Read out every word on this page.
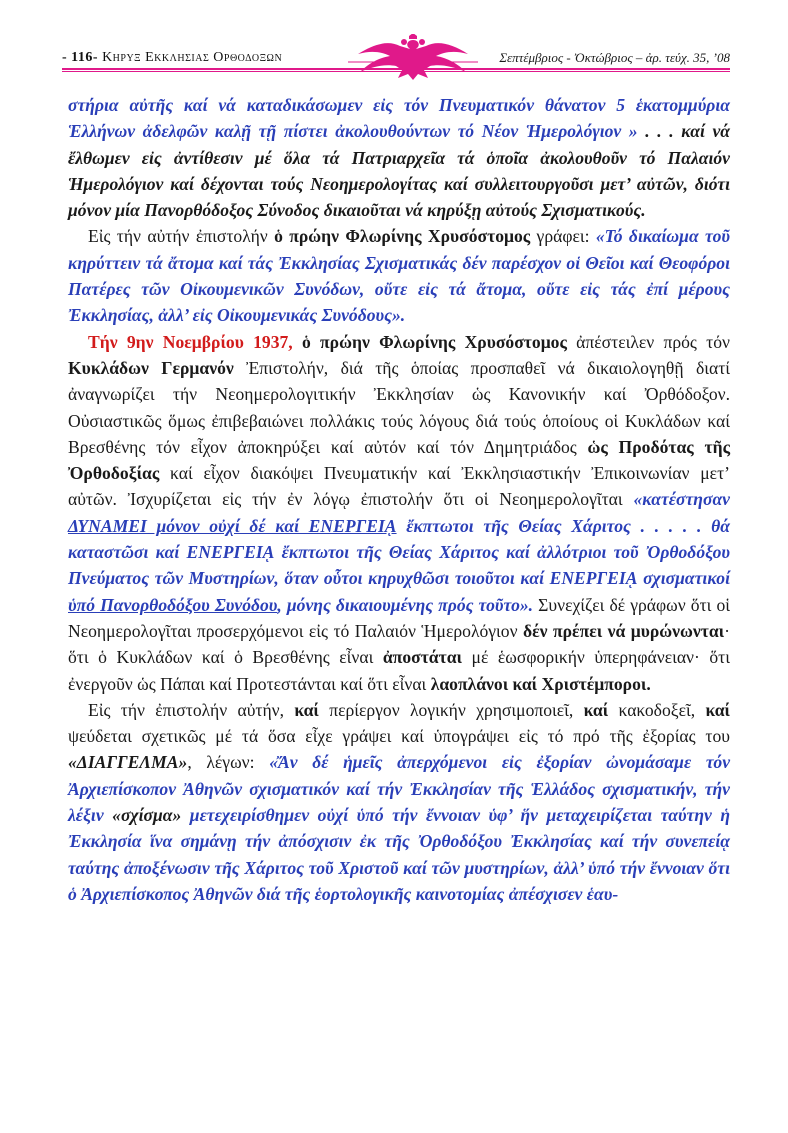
- 116- Κηρυξ Εκκλησιας Ορθοδοξων	Σεπτέμβριος - Ὀκτώβριος – ἀρ. τεύχ. 35, ’08

στήρια αὐτῆς καί νά καταδικάσωμεν εἰς τόν Πνευματικόν θάνατον 5 ἑκατομμύρια Ἑλλήνων ἀδελφῶν καλῇ τῇ πίστει ἀκολουθούντων τό Νέον Ἡμερολόγιον » . . . καί νά ἔλθωμεν εἰς ἀντίθεσιν μέ ὅλα τά Πατριαρχεῖα τά ὁποῖα ἀκολουθοῦν τό Παλαιόν Ἡμερολόγιον καί δέχονται τούς Νεοημερολογίτας καί συλλειτουργοῦσι μετ’ αὐτῶν, διότι μόνον μία Πανορθόδοξος Σύνοδος δικαιοῦται νά κηρύξῃ αὐτούς Σχισματικούς.

Εἰς τήν αὐτήν ἐπιστολήν ὁ πρώην Φλωρίνης Χρυσόστομος γράφει: «Τό δικαίωμα τοῦ κηρύττειν τά ἄτομα καί τάς Ἐκκλησίας Σχισματικάς δέν παρέσχον οἱ Θεῖοι καί Θεοφόροι Πατέρες τῶν Οἰκουμενικῶν Συνόδων, οὔτε εἰς τά ἄτομα, οὔτε εἰς τάς ἐπί μέρους Ἐκκλησίας, ἀλλ’ εἰς Οἰκουμενικάς Συνόδους».

Τήν 9ην Νοεμβρίου 1937, ὁ πρώην Φλωρίνης Χρυσόστομος ἀπέστειλεν πρός τόν Κυκλάδων Γερμανόν Ἐπιστολήν, διά τῆς ὁποίας προσπαθεῖ νά δικαιολογηθῇ διατί ἀναγνωρίζει τήν Νεοημερολογιτικήν Ἐκκλησίαν ὡς Κανονικήν καί Ὀρθόδοξον. Οὐσιαστικῶς ὅμως ἐπιβεβαιώνει πολλάκις τούς λόγους διά τούς ὁποίους οἱ Κυκλάδων καί Βρεσθένης τόν εἶχον ἀποκηρύξει καί αὐτόν καί τόν Δημητριάδος ὡς Προδότας τῆς Ὀρθοδοξίας καί εἶχον διακόψει Πνευματικήν καί Ἐκκλησιαστικήν Ἐπικοινωνίαν μετ’ αὐτῶν. Ἰσχυρίζεται εἰς τήν ἐν λόγῳ ἐπιστολήν ὅτι οἱ Νεοημερολογῖται «κατέστησαν ΔΥΝΑΜΕΙ μόνον οὐχί δέ καί ΕΝΕΡΓΕΙᾼ ἔκπτωτοι τῆς Θείας Χάριτος . . . . . θά καταστῶσι καί ΕΝΕΡΓΕΙᾼ ἔκπτωτοι τῆς Θείας Χάριτος καί ἀλλότριοι τοῦ Ὀρθοδόξου Πνεύματος τῶν Μυστηρίων, ὅταν οὗτοι κηρυχθῶσι τοιοῦτοι καί ΕΝΕΡΓΕΙᾼ σχισματικοί ὑπό Πανορθοδόξου Συνόδου, μόνης δικαιουμένης πρός τοῦτο». Συνεχίζει δέ γράφων ὅτι οἱ Νεοημερολογῖται προσερχόμενοι εἰς τό Παλαιόν Ἡμερολόγιον δέν πρέπει νά μυρώνωνται· ὅτι ὁ Κυκλάδων καί ὁ Βρεσθένης εἶναι ἀποστάται μέ ἑωσφορικήν ὑπερηφάνειαν· ὅτι ἐνεργοῦν ὡς Πάπαι καί Προτεστάνται καί ὅτι εἶναι λαοπλάνοι καί Χριστέμποροι.

Εἰς τήν ἐπιστολήν αὐτήν, καί περίεργον λογικήν χρησιμοποιεῖ, καί κακοδοξεῖ, καί ψεύδεται σχετικῶς μέ τά ὅσα εἶχε γράψει καί ὑπογράψει εἰς τό πρό τῆς ἐξορίας του «ΔΙΑΓΓΕΛΜΑ», λέγων: «Ἄν δέ ἡμεῖς ἀπερχόμενοι εἰς ἐξορίαν ὠνομάσαμε τόν Ἀρχιεπίσκοπον Ἀθηνῶν σχισματικόν καί τήν Ἐκκλησίαν τῆς Ἑλλάδος σχισματικήν, τήν λέξιν «σχίσμα» μετεχειρίσθημεν οὐχί ὑπό τήν ἔννοιαν ὑφ’ ἥν μεταχειρίζεται ταύτην ἡ Ἐκκλησία ἵνα σημάνῃ τήν ἀπόσχισιν ἐκ τῆς Ὀρθοδόξου Ἐκκλησίας καί τήν συνεπείᾳ ταύτης ἀποξένωσιν τῆς Χάριτος τοῦ Χριστοῦ καί τῶν μυστηρίων, ἀλλ’ ὑπό τήν ἔννοιαν ὅτι ὁ Ἀρχιεπίσκοπος Ἀθηνῶν διά τῆς ἑορτολογικῆς καινοτομίας ἀπέσχισεν ἑαυ-
